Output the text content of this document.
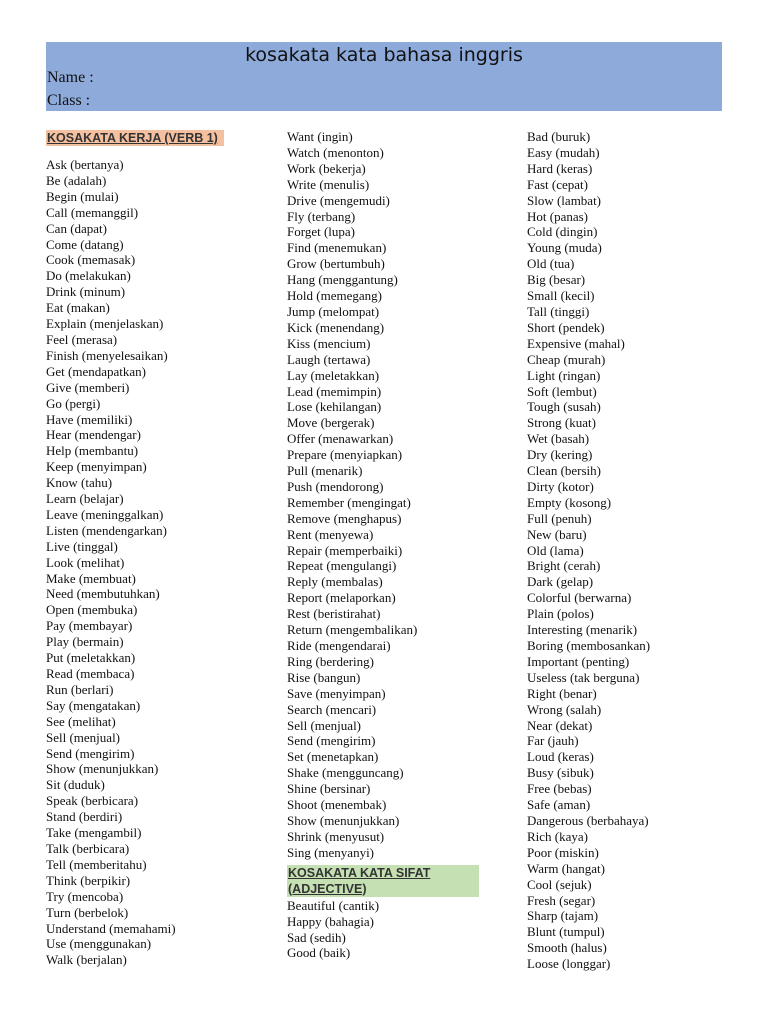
kosakata kata bahasa inggris
Name :
Class :
KOSAKATA KERJA (VERB 1)
Ask (bertanya)
Be (adalah)
Begin (mulai)
Call (memanggil)
Can (dapat)
Come (datang)
Cook (memasak)
Do (melakukan)
Drink (minum)
Eat (makan)
Explain (menjelaskan)
Feel (merasa)
Finish (menyelesaikan)
Get (mendapatkan)
Give (memberi)
Go (pergi)
Have (memiliki)
Hear (mendengar)
Help (membantu)
Keep (menyimpan)
Know (tahu)
Learn (belajar)
Leave (meninggalkan)
Listen (mendengarkan)
Live (tinggal)
Look (melihat)
Make (membuat)
Need (membutuhkan)
Open (membuka)
Pay (membayar)
Play (bermain)
Put (meletakkan)
Read (membaca)
Run (berlari)
Say (mengatakan)
See (melihat)
Sell (menjual)
Send (mengirim)
Show (menunjukkan)
Sit (duduk)
Speak (berbicara)
Stand (berdiri)
Take (mengambil)
Talk (berbicara)
Tell (memberitahu)
Think (berpikir)
Try (mencoba)
Turn (berbelok)
Understand (memahami)
Use (menggunakan)
Walk (berjalan)
Want (ingin)
Watch (menonton)
Work (bekerja)
Write (menulis)
Drive (mengemudi)
Fly (terbang)
Forget (lupa)
Find (menemukan)
Grow (bertumbuh)
Hang (menggantung)
Hold (memegang)
Jump (melompat)
Kick (menendang)
Kiss (mencium)
Laugh (tertawa)
Lay (meletakkan)
Lead (memimpin)
Lose (kehilangan)
Move (bergerak)
Offer (menawarkan)
Prepare (menyiapkan)
Pull (menarik)
Push (mendorong)
Remember (mengingat)
Remove (menghapus)
Rent (menyewa)
Repair (memperbaiki)
Repeat (mengulangi)
Reply (membalas)
Report (melaporkan)
Rest (beristirahat)
Return (mengembalikan)
Ride (mengendarai)
Ring (berdering)
Rise (bangun)
Save (menyimpan)
Search (mencari)
Sell (menjual)
Send (mengirim)
Set (menetapkan)
Shake (mengguncang)
Shine (bersinar)
Shoot (menembak)
Show (menunjukkan)
Shrink (menyusut)
Sing (menyanyi)
KOSAKATA KATA SIFAT (ADJECTIVE)
Beautiful (cantik)
Happy (bahagia)
Sad (sedih)
Good (baik)
Bad (buruk)
Easy (mudah)
Hard (keras)
Fast (cepat)
Slow (lambat)
Hot (panas)
Cold (dingin)
Young (muda)
Old (tua)
Big (besar)
Small (kecil)
Tall (tinggi)
Short (pendek)
Expensive (mahal)
Cheap (murah)
Light (ringan)
Soft (lembut)
Tough (susah)
Strong (kuat)
Wet (basah)
Dry (kering)
Clean (bersih)
Dirty (kotor)
Empty (kosong)
Full (penuh)
New (baru)
Old (lama)
Bright (cerah)
Dark (gelap)
Colorful (berwarna)
Plain (polos)
Interesting (menarik)
Boring (membosankan)
Important (penting)
Useless (tak berguna)
Right (benar)
Wrong (salah)
Near (dekat)
Far (jauh)
Loud (keras)
Busy (sibuk)
Free (bebas)
Safe (aman)
Dangerous (berbahaya)
Rich (kaya)
Poor (miskin)
Warm (hangat)
Cool (sejuk)
Fresh (segar)
Sharp (tajam)
Blunt (tumpul)
Smooth (halus)
Loose (longgar)
